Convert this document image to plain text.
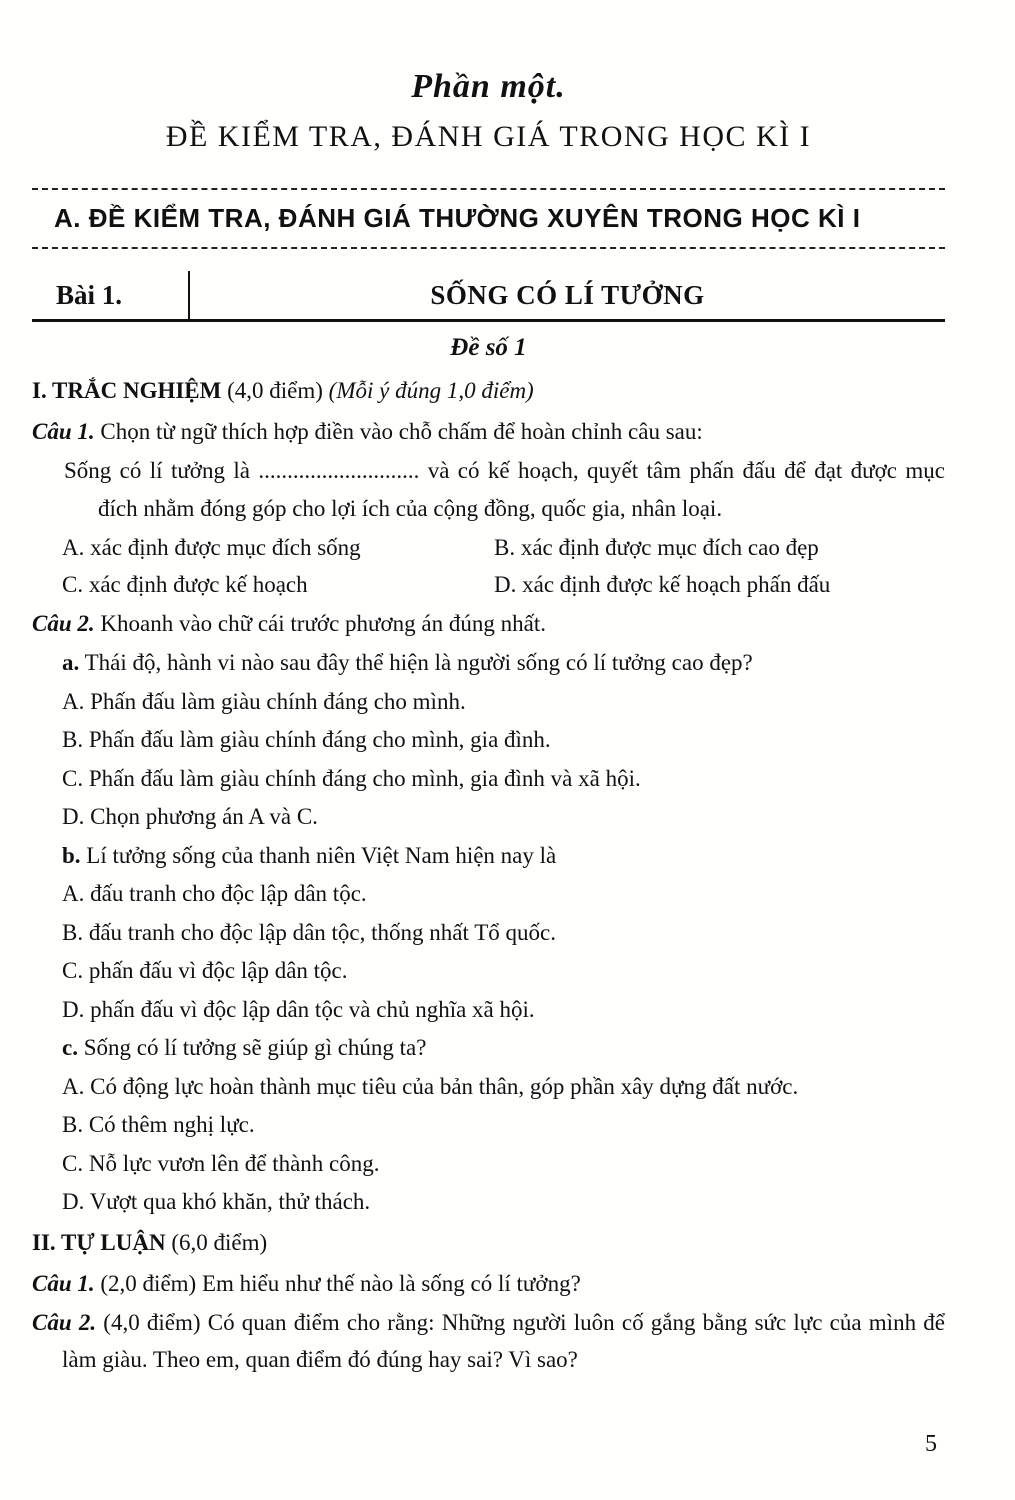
Phần một.
ĐỀ KIỂM TRA, ĐÁNH GIÁ TRONG HỌC KÌ I
A. ĐỀ KIỂM TRA, ĐÁNH GIÁ THƯỜNG XUYÊN TRONG HỌC KÌ I
Bài 1.	SỐNG CÓ LÍ TƯỞNG
Đề số 1

I. TRẮC NGHIỆM (4,0 điểm) (Mỗi ý đúng 1,0 điểm)

Câu 1. Chọn từ ngữ thích hợp điền vào chỗ chấm để hoàn chỉnh câu sau:

Sống có lí tưởng là ............................ và có kế hoạch, quyết tâm phấn đấu để đạt được mục đích nhằm đóng góp cho lợi ích của cộng đồng, quốc gia, nhân loại.

A. xác định được mục đích sống	B. xác định được mục đích cao đẹp
C. xác định được kế hoạch	D. xác định được kế hoạch phấn đấu

Câu 2. Khoanh vào chữ cái trước phương án đúng nhất.

a. Thái độ, hành vi nào sau đây thể hiện là người sống có lí tưởng cao đẹp?

A. Phấn đấu làm giàu chính đáng cho mình.

B. Phấn đấu làm giàu chính đáng cho mình, gia đình.

C. Phấn đấu làm giàu chính đáng cho mình, gia đình và xã hội.

D. Chọn phương án A và C.

b. Lí tưởng sống của thanh niên Việt Nam hiện nay là

A. đấu tranh cho độc lập dân tộc.

B. đấu tranh cho độc lập dân tộc, thống nhất Tổ quốc.

C. phấn đấu vì độc lập dân tộc.

D. phấn đấu vì độc lập dân tộc và chủ nghĩa xã hội.

c. Sống có lí tưởng sẽ giúp gì chúng ta?

A. Có động lực hoàn thành mục tiêu của bản thân, góp phần xây dựng đất nước.

B. Có thêm nghị lực.

C. Nỗ lực vươn lên để thành công.

D. Vượt qua khó khăn, thử thách.

II. TỰ LUẬN (6,0 điểm)

Câu 1. (2,0 điểm) Em hiểu như thế nào là sống có lí tưởng?

Câu 2. (4,0 điểm) Có quan điểm cho rằng: Những người luôn cố gắng bằng sức lực của mình để làm giàu. Theo em, quan điểm đó đúng hay sai? Vì sao?

5
